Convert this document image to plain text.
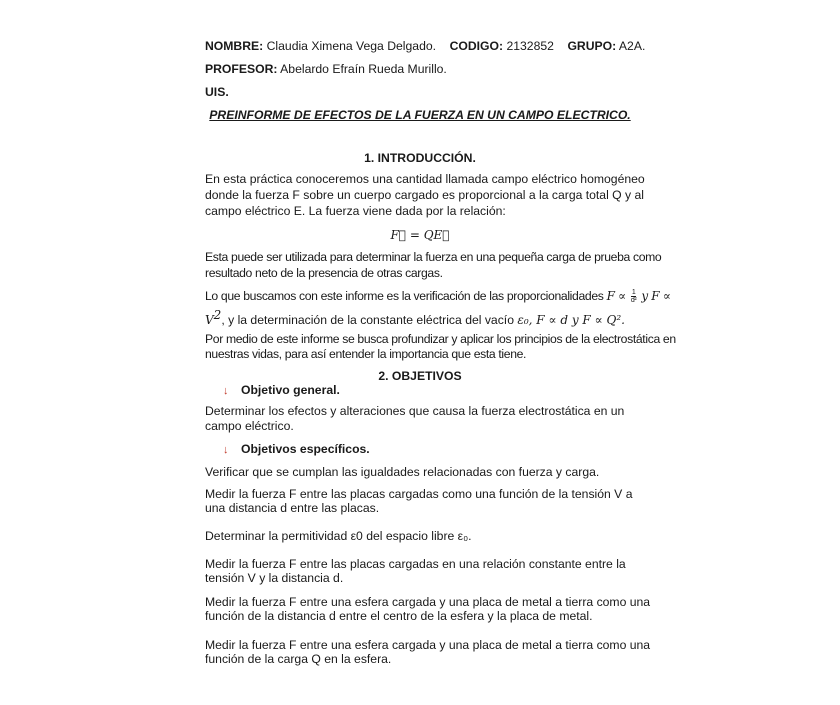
NOMBRE: Claudia Ximena Vega Delgado. CODIGO: 2132852 GRUPO: A2A.
PROFESOR: Abelardo Efraín Rueda Murillo.
UIS.
PREINFORME DE EFECTOS DE LA FUERZA EN UN CAMPO ELECTRICO.
1. INTRODUCCIÓN.
En esta práctica conoceremos una cantidad llamada campo eléctrico homogéneo
donde la fuerza F sobre un cuerpo cargado es proporcional a la carga total Q y al
campo eléctrico E. La fuerza viene dada por la relación:
F⃗ = QE⃗
Esta puede ser utilizada para determinar la fuerza en una pequeña carga de prueba como
resultado neto de la presencia de otras cargas.
Lo que buscamos con este informe es la verificación de las proporcionalidades $F \propto \frac{1}{\text{d²}}$ y F ∝
$V^2$, y la determinación de la constante eléctrica del vacío ε₀, F ∝ d y F ∝ Q².
Por medio de este informe se busca profundizar y aplicar los principios de la electrostática en
nuestras vidas, para así entender la importancia que esta tiene.
2. OBJETIVOS
↓ Objetivo general.
Determinar los efectos y alteraciones que causa la fuerza electrostática en un
campo eléctrico.
↓ Objetivos específicos.
Verificar que se cumplan las igualdades relacionadas con fuerza y carga.
Medir la fuerza F entre las placas cargadas como una función de la tensión V a
una distancia d entre las placas.
Determinar la permitividad ε0 del espacio libre ε₀.
Medir la fuerza F entre las placas cargadas en una relación constante entre la
tensión V y la distancia d.
Medir la fuerza F entre una esfera cargada y una placa de metal a tierra como una
función de la distancia d entre el centro de la esfera y la placa de metal.
Medir la fuerza F entre una esfera cargada y una placa de metal a tierra como una
función de la carga Q en la esfera.
